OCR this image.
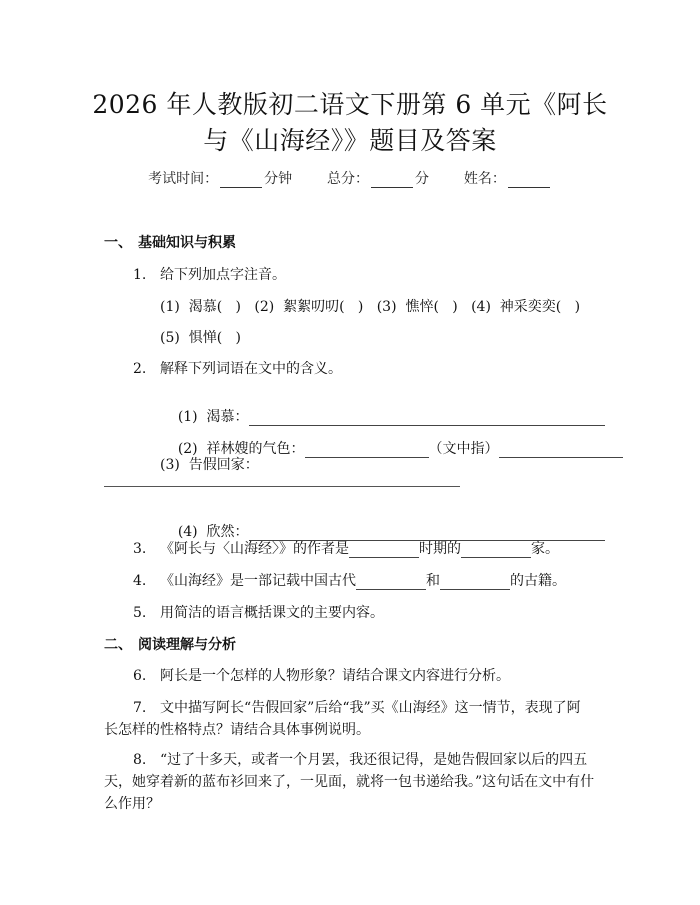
2026 年人教版初二语文下册第 6 单元《阿长
与《山海经》》题目及答案
考试时间：	分钟 总分：	分 姓名：
一、 基础知识与积累
1. 给下列加点字注音。
(1)  渴慕(   )   (2)  絮絮叨叨(   )   (3)  憔悴(   )   (4)  神采奕奕(   )
(5)  惧惮(   )
2. 解释下列词语在文中的含义。

(1)  渴慕：

(2)  祥林嫂的气色：	（文中指）

(3)  告假回家：

(4)  欣然：

3. 《阿长与〈山海经〉》的作者是	时期的	家。
4. 《山海经》是一部记载中国古代	和	的古籍。
5. 用简洁的语言概括课文的主要内容。
二、 阅读理解与分析
6. 阿长是一个怎样的人物形象？请结合课文内容进行分析。
7. 文中描写阿长“告假回家”后给“我”买《山海经》这一情节，表现了阿
长怎样的性格特点？请结合具体事例说明。
8. “过了十多天，或者一个月罢，我还很记得，是她告假回家以后的四五
天，她穿着新的蓝布衫回来了，一见面，就将一包书递给我。”这句话在文中有什
么作用？
